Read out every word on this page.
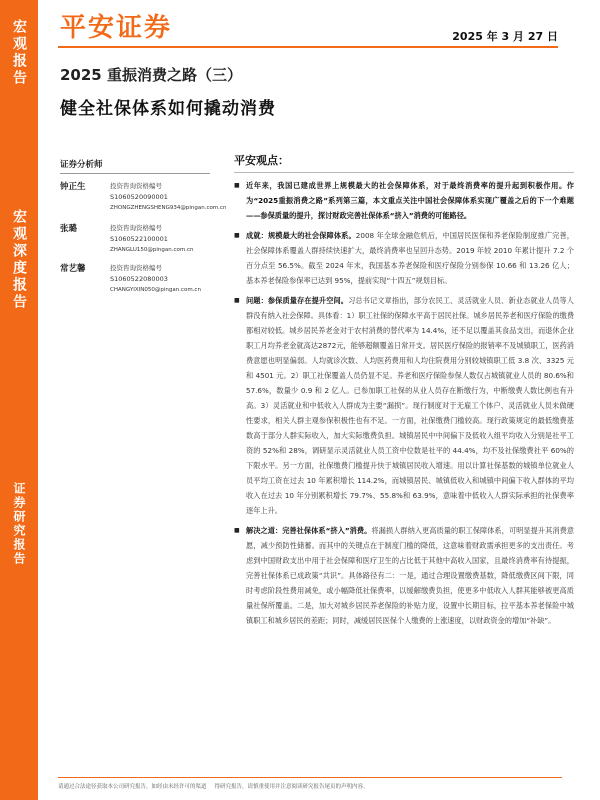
宏观报告
宏观深度报告
证券研究报告
平安证券	2025 年 3 月 27 日
2025 重振消费之路（三）
健全社保体系如何撬动消费
证券分析师
钟正生	投资咨询资格编号
S1060520090001
ZHONGZHENGSHENG934@pingan.com.cn
张璐	投资咨询资格编号
S1060522100001
ZHANGLU150@pingan.com.cn
常艺馨	投资咨询资格编号
S1060522080003
CHANGYIXIN050@pingan.com.cn
平安观点：
■ 近年来，我国已建成世界上规模最大的社会保障体系，对于最终消费率的提升起到积极作用。作为“2025重振消费之路”系列第三篇，本文重点关注中国社会保障体系实现广覆盖之后的下一个难题——参保质量的提升，探讨财政完善社保体系“挤入”消费的可能路径。
■ 成就：规模最大的社会保障体系。2008 年全球金融危机后，中国居民医保和养老保险制度推广完善，社会保障体系覆盖人群持续快速扩大，最终消费率也呈回升态势。2019 年较 2010 年累计提升 7.2 个百分点至 56.5%。截至 2024 年末，我国基本养老保险和医疗保险分别参保 10.66 和 13.26 亿人；基本养老保险参保率已达到 95%，提前实现“十四五”规划目标。
■ 问题：参保质量存在提升空间。习总书记文章指出，部分农民工、灵活就业人员、新业态就业人员等人群没有纳入社会保障。具体看：1）职工社保的保障水平高于居民社保。城乡居民养老和医疗保险的缴费都相对较低。城乡居民养老金对于农村消费的替代率为 14.4%，还不足以覆盖其食品支出，而退休企业职工月均养老金就高达2872元，能够超额覆盖日常开支。居民医疗保险的报销率不及城镇职工，医药消费意愿也明显偏弱。人均就诊次数、人均医药费用和人均住院费用分别较城镇职工低 3.8 次、3325 元和 4501 元。2）职工社保覆盖人员仍显不足。养老和医疗保险参保人数仅占城镇就业人员的 80.6%和 57.6%，数量少 0.9 和 2 亿人。已参加职工社保的从业人员存在断缴行为，中断缴费人数比例也有升高。3）灵活就业和中低收入人群成为主要“漏损”。现行制度对于无雇工个体户、灵活就业人员未做硬性要求，相关人群主观参保积极性也有不足。一方面，社保缴费门槛较高。现行政策规定的最低缴费基数高于部分人群实际收入，加大实际缴费负担。城镇居民中中间偏下及低收入组平均收入分别是社平工资的 52%和 28%，调研显示灵活就业人员工资中位数是社平的 44.4%，均不及社保缴费社平 60%的下限水平。另一方面，社保缴费门槛提升快于城镇居民收入增速。用以计算社保基数的城镇单位就业人员平均工资在过去 10 年累积增长 114.2%，而城镇居民、城镇低收入和城镇中间偏下收入群体的平均收入在过去 10 年分别累积增长 79.7%、55.8%和 63.9%，意味着中低收入人群实际承担的社保费率逐年上升。
■ 解决之道：完善社保体系“挤入”消费。将漏损人群纳入更高质量的职工保障体系，可明显提升其消费意愿，减少预防性储蓄。而其中的关键点在于制度门槛的降低，这意味着财政需承担更多的支出责任。考虑到中国财政支出中用于社会保障和医疗卫生的占比低于其他中高收入国家，且最终消费率有待提振，完善社保体系已成政策“共识”。具体路径有二：一是，通过合理设置缴费基数，降低缴费区间下限，同时考虑阶段性费用减免，或小幅降低社保费率，以缓解缴费负担，使更多中低收入人群其能够被更高质量社保所覆盖。二是，加大对城乡居民养老保险的补贴力度，设置中长期目标，拉平基本养老保险中城镇职工和城乡居民的差距；同时，减缓居民医保个人缴费的上涨速度，以财政资金的增加“补缺”。
请通过合法途径获取本公司研究报告，如经由未经许可的渠道 得研究报告，请慎重使用并注意阅读研究报告尾页的声明内容。
